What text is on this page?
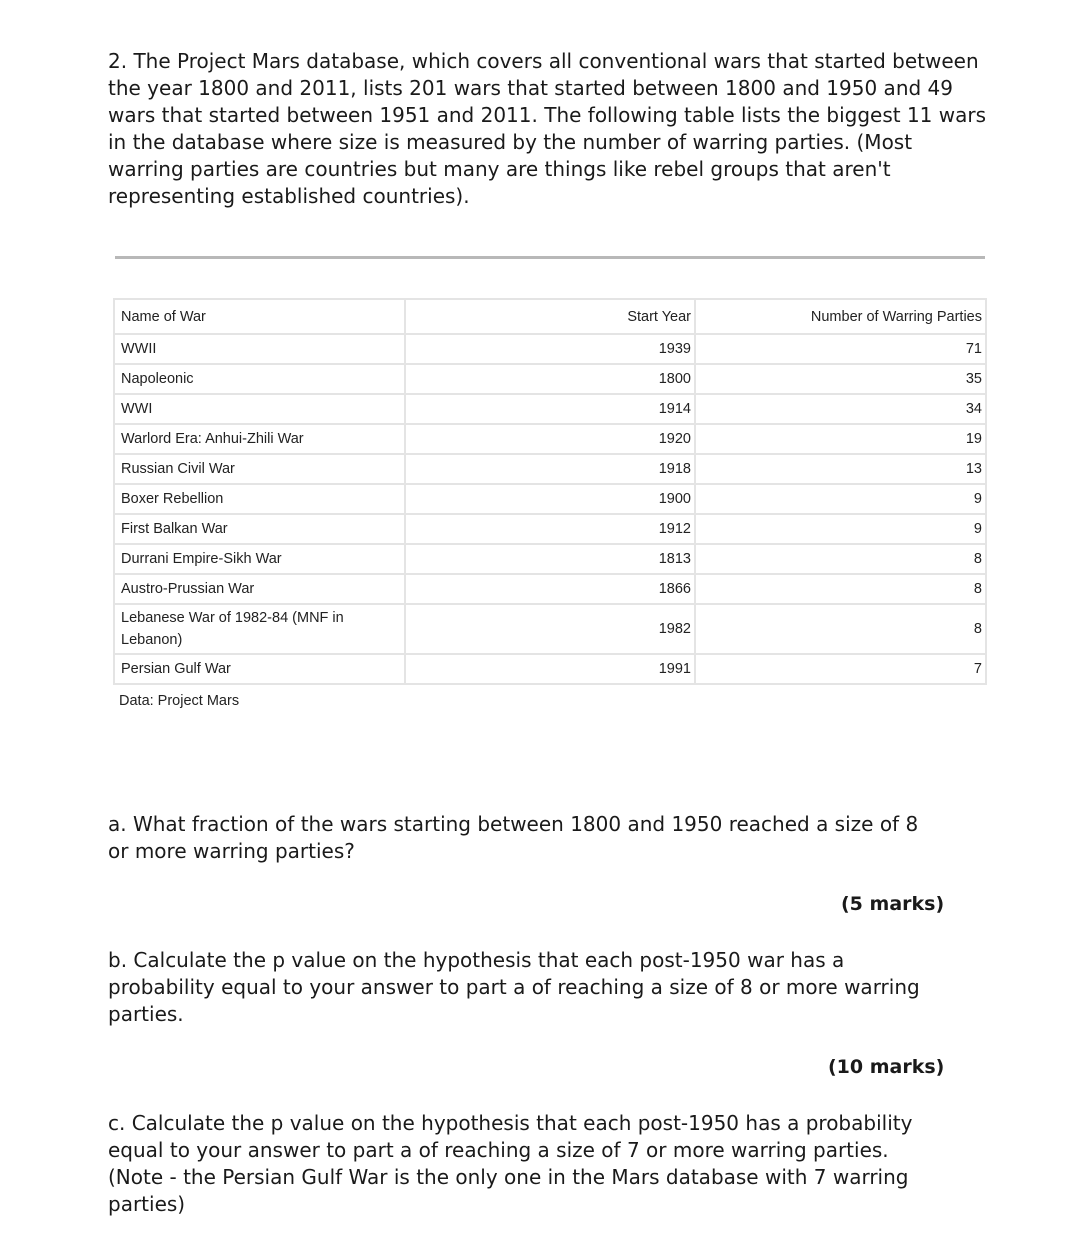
2. The Project Mars database, which covers all conventional wars that started between the year 1800 and 2011, lists 201 wars that started between 1800 and 1950 and 49 wars that started between 1951 and 2011. The following table lists the biggest 11 wars in the database where size is measured by the number of warring parties. (Most warring parties are countries but many are things like rebel groups that aren't representing established countries).

Name of War	Start Year	Number of Warring Parties
WWII	1939	71
Napoleonic	1800	35
WWI	1914	34
Warlord Era: Anhui-Zhili War	1920	19
Russian Civil War	1918	13
Boxer Rebellion	1900	9
First Balkan War	1912	9
Durrani Empire-Sikh War	1813	8
Austro-Prussian War	1866	8
Lebanese War of 1982-84 (MNF in Lebanon)	1982	8
Persian Gulf War	1991	7
Data: Project Mars

a. What fraction of the wars starting between 1800 and 1950 reached a size of 8 or more warring parties?

(5 marks)

b. Calculate the p value on the hypothesis that each post-1950 war has a probability equal to your answer to part a of reaching a size of 8 or more warring parties.

(10 marks)

c. Calculate the p value on the hypothesis that each post-1950 has a probability equal to your answer to part a of reaching a size of 7 or more warring parties. (Note - the Persian Gulf War is the only one in the Mars database with 7 warring parties)
